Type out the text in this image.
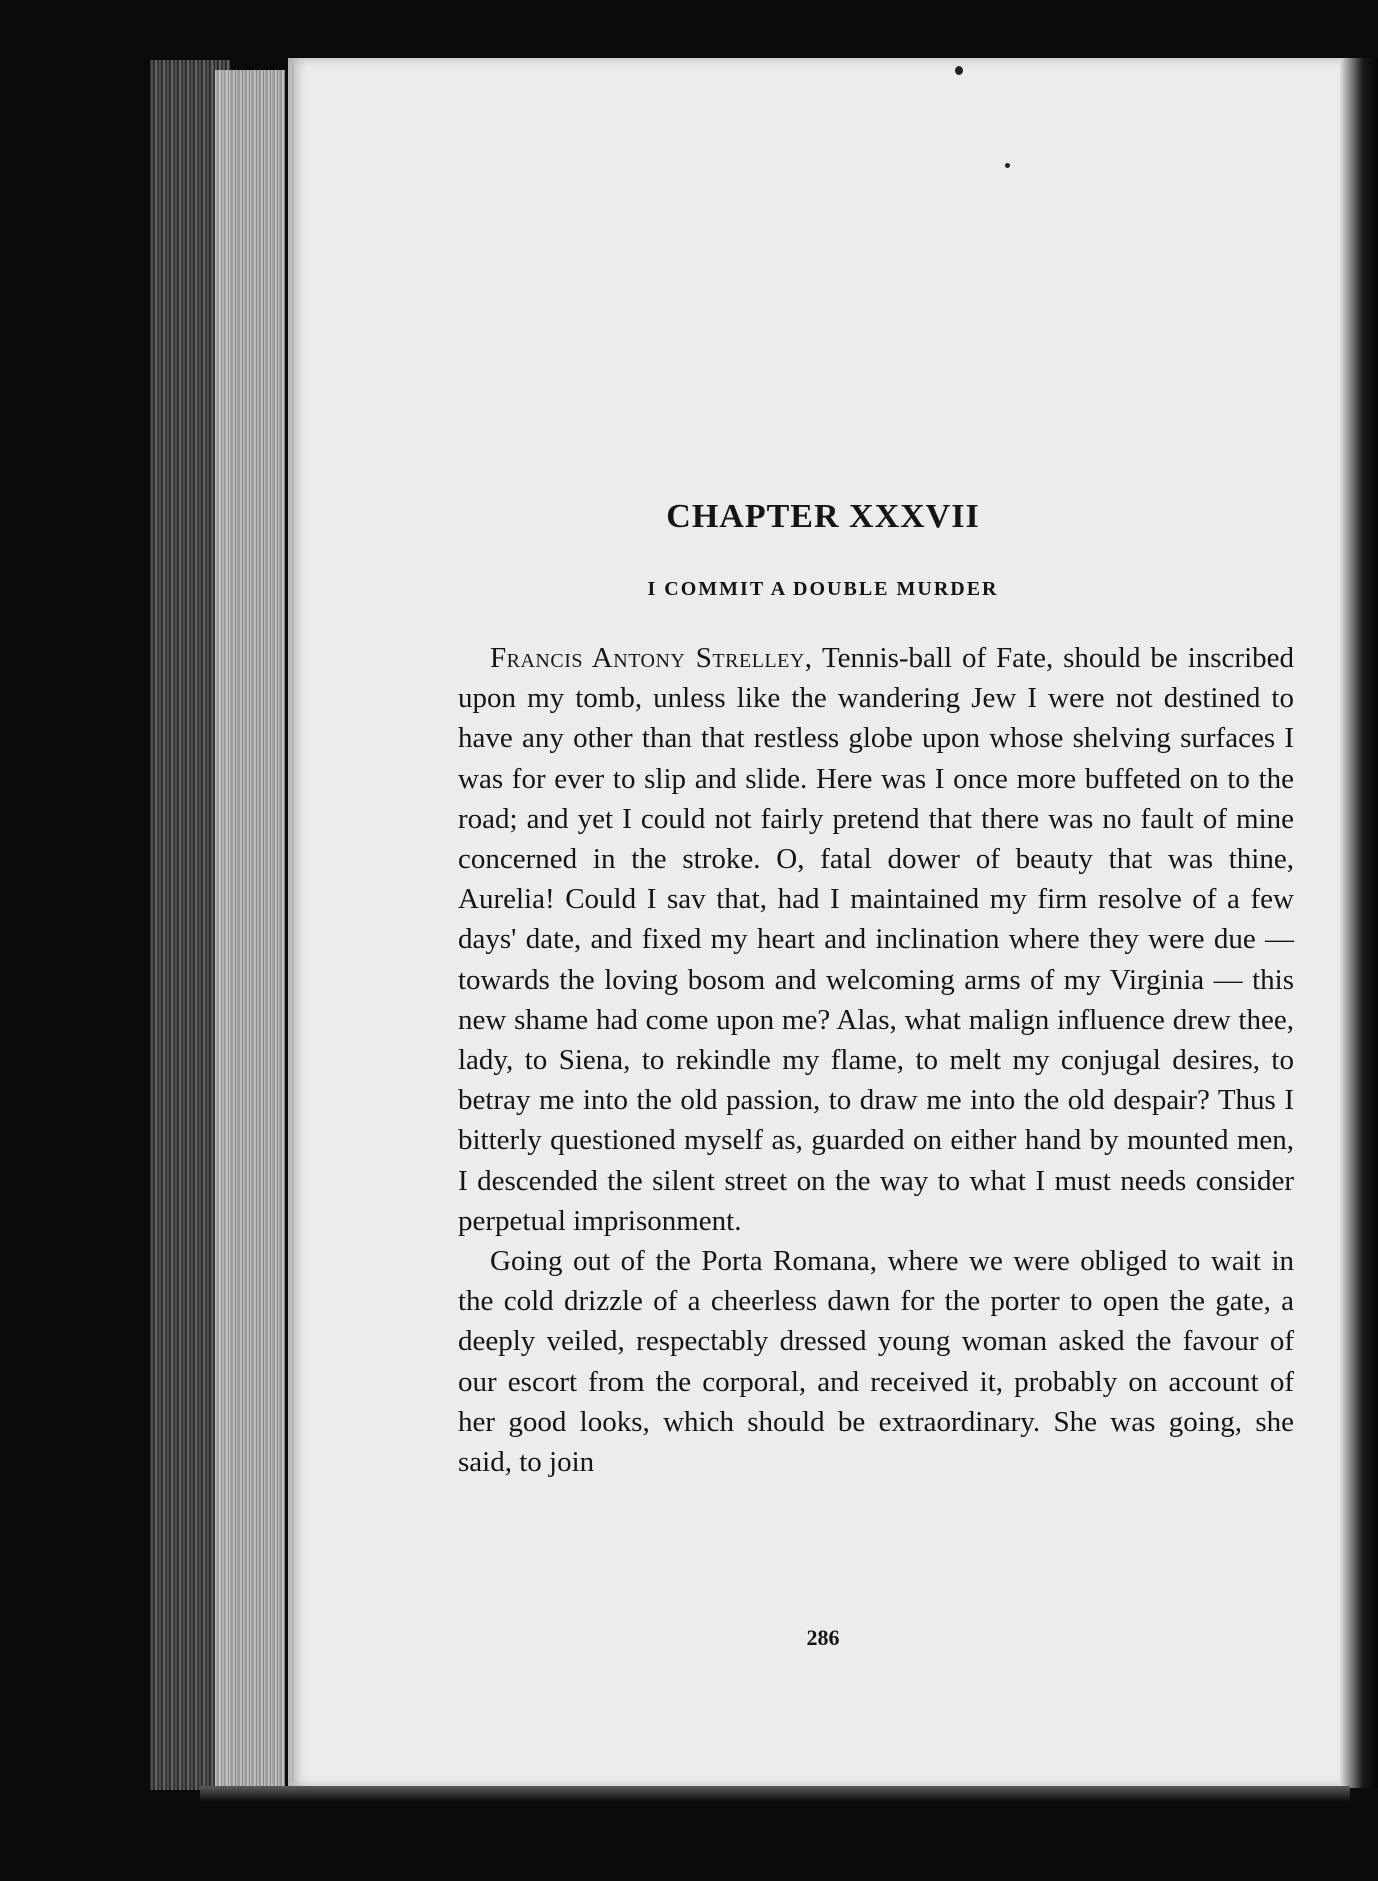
CHAPTER XXXVII
I COMMIT A DOUBLE MURDER

Francis Antony Strelley, Tennis-ball of Fate, should be inscribed upon my tomb, unless like the wandering Jew I were not destined to have any other than that restless globe upon whose shelving surfaces I was for ever to slip and slide. Here was I once more buffeted on to the road; and yet I could not fairly pretend that there was no fault of mine concerned in the stroke. O, fatal dower of beauty that was thine, Aurelia! Could I sav that, had I maintained my firm resolve of a few days' date, and fixed my heart and inclination where they were due — towards the loving bosom and welcoming arms of my Virginia — this new shame had come upon me? Alas, what malign influence drew thee, lady, to Siena, to rekindle my flame, to melt my conjugal desires, to betray me into the old passion, to draw me into the old despair? Thus I bitterly questioned myself as, guarded on either hand by mounted men, I descended the silent street on the way to what I must needs consider perpetual imprisonment.

Going out of the Porta Romana, where we were obliged to wait in the cold drizzle of a cheerless dawn for the porter to open the gate, a deeply veiled, respectably dressed young woman asked the favour of our escort from the corporal, and received it, probably on account of her good looks, which should be extraordinary. She was going, she said, to join

286
